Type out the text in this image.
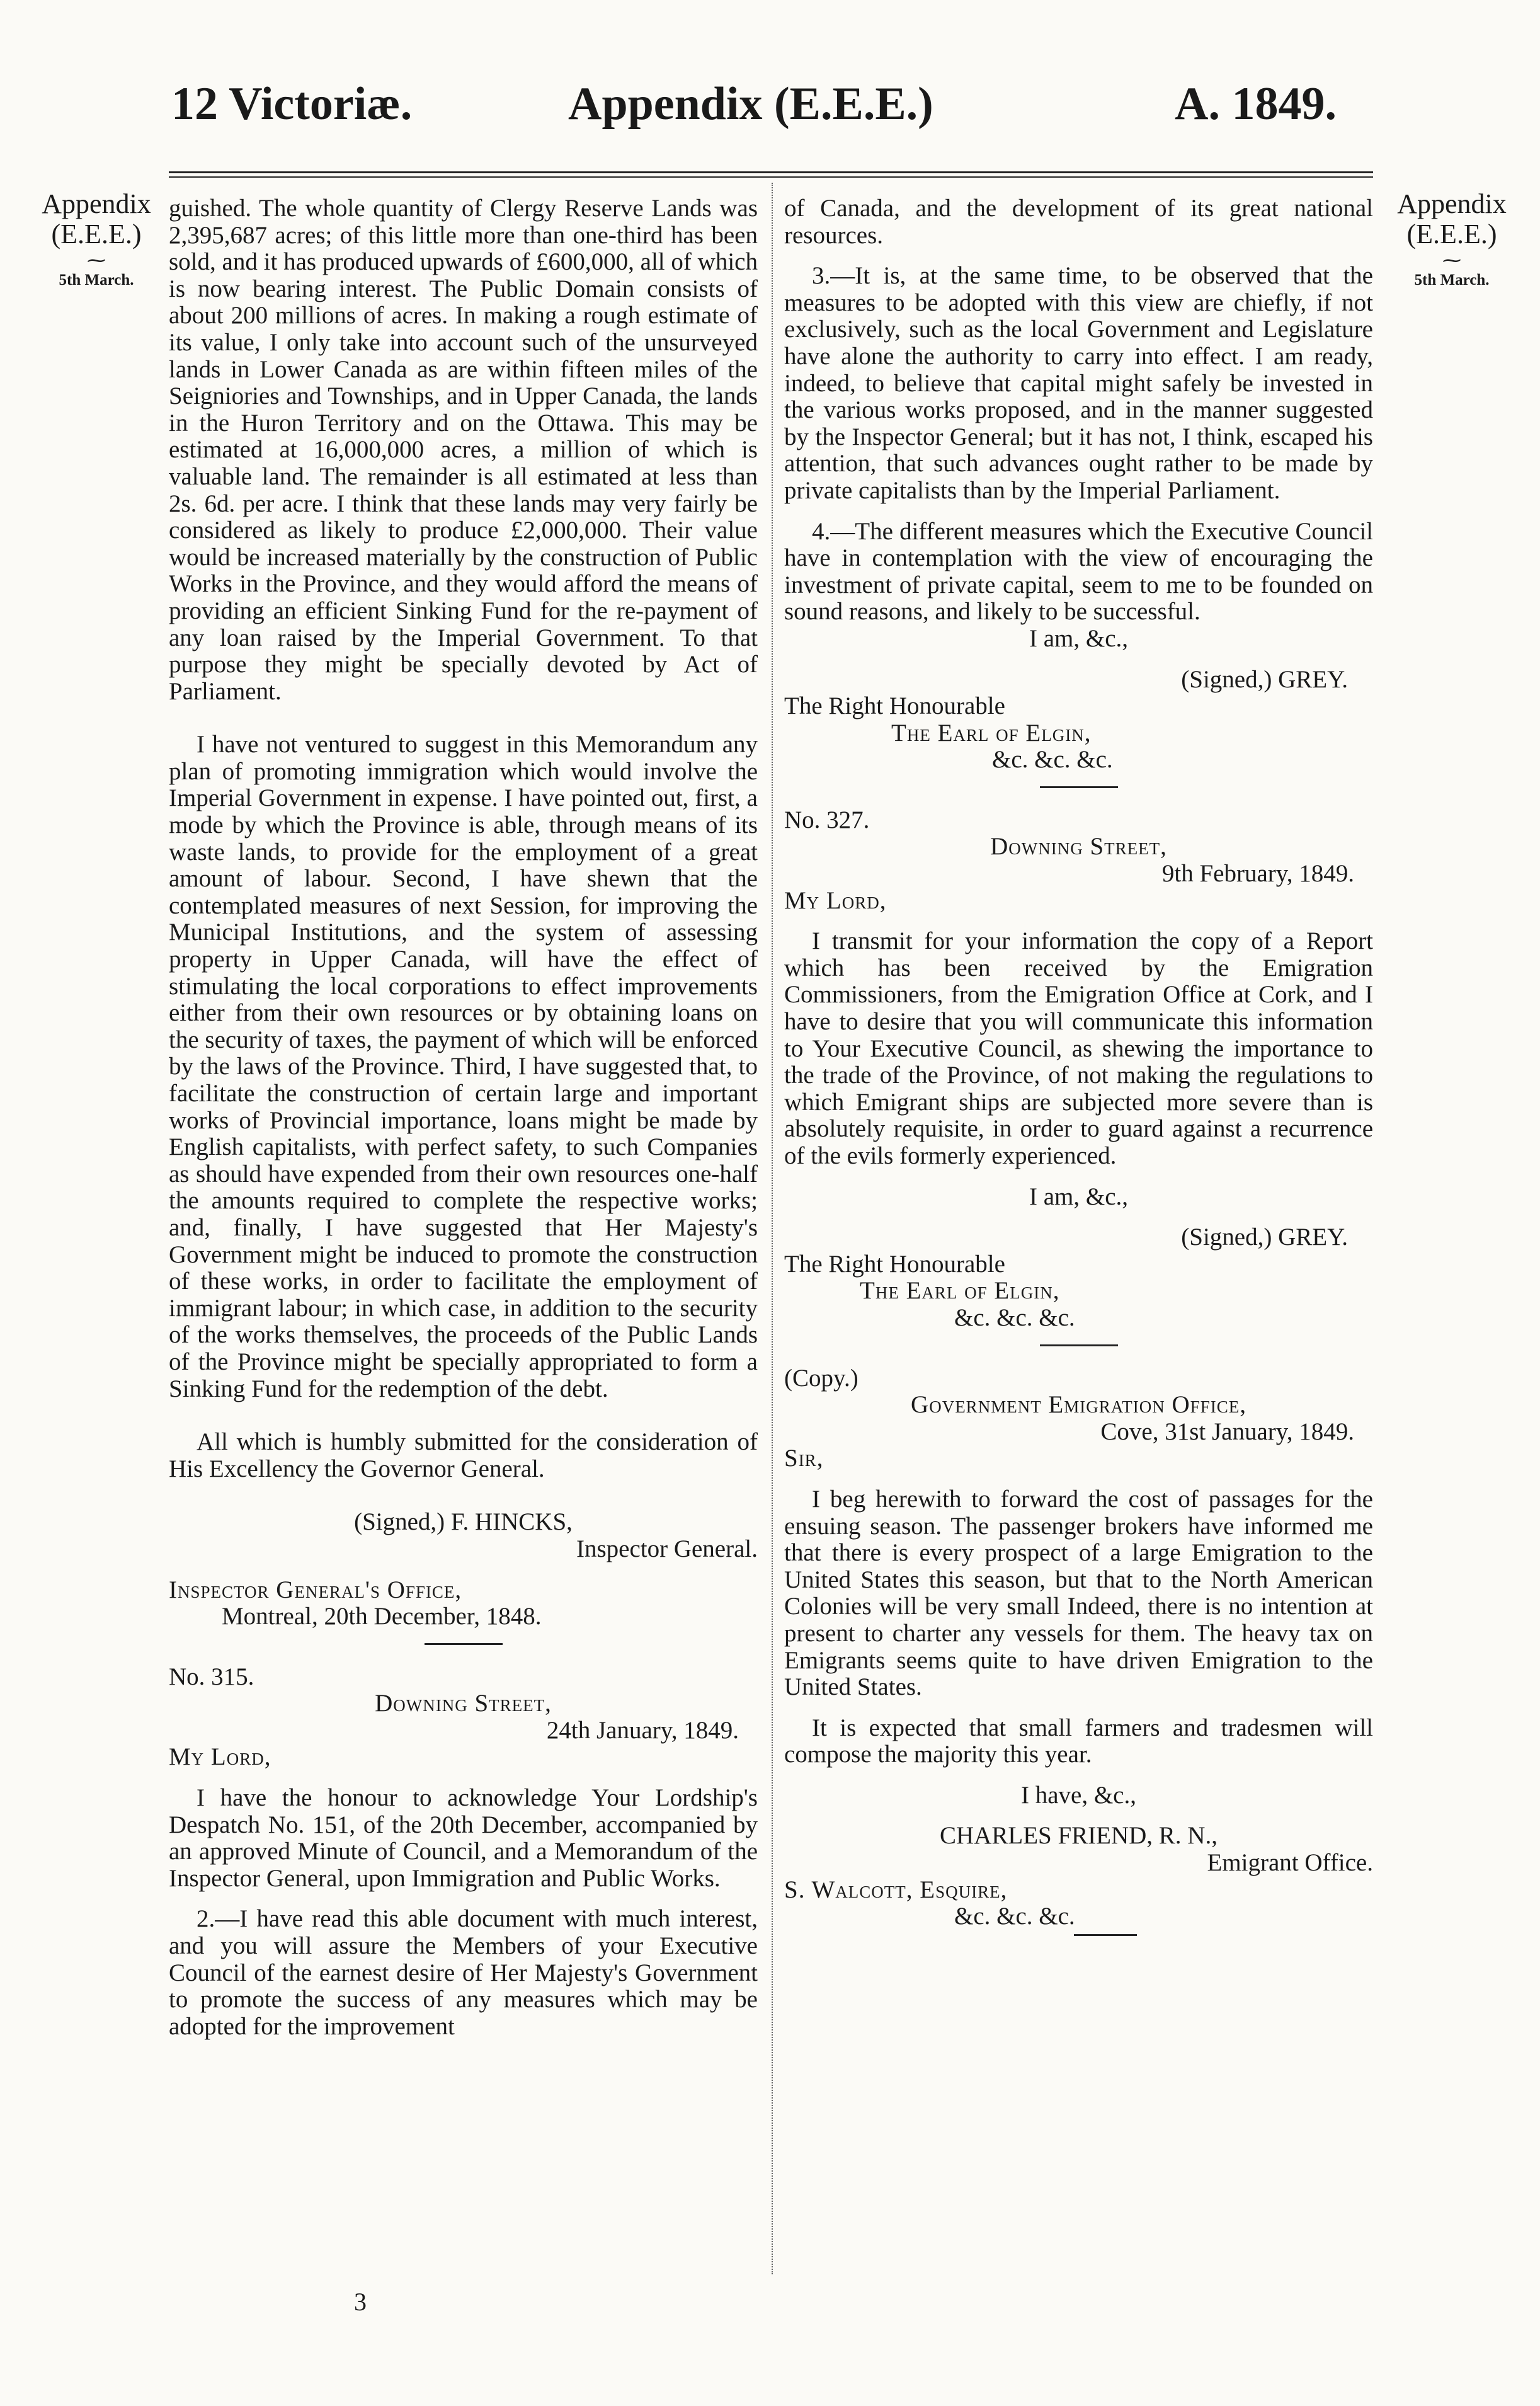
12 Victoriæ.	Appendix (E.E.E.)	A. 1849.
Appendix
(E.E.E.)
⁓
5th March.
Appendix
(E.E.E.)
⁓
5th March.

guished. The whole quantity of Clergy Reserve Lands was 2,395,687 acres; of this little more than one-third has been sold, and it has produced upwards of £600,000, all of which is now bearing interest. The Public Domain consists of about 200 millions of acres. In making a rough estimate of its value, I only take into account such of the unsurveyed lands in Lower Canada as are within fifteen miles of the Seigniories and Townships, and in Upper Canada, the lands in the Huron Territory and on the Ottawa. This may be estimated at 16,000,000 acres, a million of which is valuable land. The remainder is all estimated at less than 2s. 6d. per acre. I think that these lands may very fairly be considered as likely to produce £2,000,000. Their value would be increased materially by the construction of Public Works in the Province, and they would afford the means of providing an efficient Sinking Fund for the re-payment of any loan raised by the Imperial Government. To that purpose they might be specially devoted by Act of Parliament.

I have not ventured to suggest in this Memorandum any plan of promoting immigration which would involve the Imperial Government in expense. I have pointed out, first, a mode by which the Province is able, through means of its waste lands, to provide for the employment of a great amount of labour. Second, I have shewn that the contemplated measures of next Session, for improving the Municipal Institutions, and the system of assessing property in Upper Canada, will have the effect of stimulating the local corporations to effect improvements either from their own resources or by obtaining loans on the security of taxes, the payment of which will be enforced by the laws of the Province. Third, I have suggested that, to facilitate the construction of certain large and important works of Provincial importance, loans might be made by English capitalists, with perfect safety, to such Companies as should have expended from their own resources one-half the amounts required to complete the respective works; and, finally, I have suggested that Her Majesty's Government might be induced to promote the construction of these works, in order to facilitate the employment of immigrant labour; in which case, in addition to the security of the works themselves, the proceeds of the Public Lands of the Province might be specially appropriated to form a Sinking Fund for the redemption of the debt.

All which is humbly submitted for the consideration of His Excellency the Governor General.

(Signed,) F. HINCKS,

Inspector General.

Inspector General's Office,

Montreal, 20th December, 1848.

No. 315.

Downing Street,

24th January, 1849.

My Lord,

I have the honour to acknowledge Your Lordship's Despatch No. 151, of the 20th December, accompanied by an approved Minute of Council, and a Memorandum of the Inspector General, upon Immigration and Public Works.

2.—I have read this able document with much interest, and you will assure the Members of your Executive Council of the earnest desire of Her Majesty's Government to promote the success of any measures which may be adopted for the improvement

of Canada, and the development of its great national resources.

3.—It is, at the same time, to be observed that the measures to be adopted with this view are chiefly, if not exclusively, such as the local Government and Legislature have alone the authority to carry into effect. I am ready, indeed, to believe that capital might safely be invested in the various works proposed, and in the manner suggested by the Inspector General; but it has not, I think, escaped his attention, that such advances ought rather to be made by private capitalists than by the Imperial Parliament.

4.—The different measures which the Executive Council have in contemplation with the view of encouraging the investment of private capital, seem to me to be founded on sound reasons, and likely to be successful.

I am, &c.,

(Signed,) GREY.

The Right Honourable

The Earl of Elgin,

&c. &c. &c.

No. 327.

Downing Street,

9th February, 1849.

My Lord,

I transmit for your information the copy of a Report which has been received by the Emigration Commissioners, from the Emigration Office at Cork, and I have to desire that you will communicate this information to Your Executive Council, as shewing the importance to the trade of the Province, of not making the regulations to which Emigrant ships are subjected more severe than is absolutely requisite, in order to guard against a recurrence of the evils formerly experienced.

I am, &c.,

(Signed,) GREY.

The Right Honourable

The Earl of Elgin,

&c. &c. &c.

(Copy.)

Government Emigration Office,

Cove, 31st January, 1849.

Sir,

I beg herewith to forward the cost of passages for the ensuing season. The passenger brokers have informed me that there is every prospect of a large Emigration to the United States this season, but that to the North American Colonies will be very small Indeed, there is no intention at present to charter any vessels for them. The heavy tax on Emigrants seems quite to have driven Emigration to the United States.

It is expected that small farmers and tradesmen will compose the majority this year.

I have, &c.,

CHARLES FRIEND, R. N.,

Emigrant Office.

S. Walcott, Esquire,

&c. &c. &c.

3
